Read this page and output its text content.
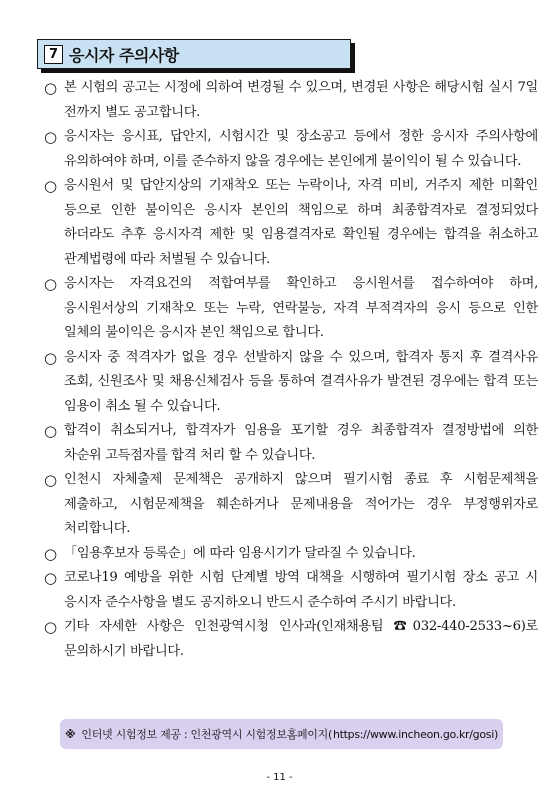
7 응시자 주의사항
○ 본 시험의 공고는 시정에 의하여 변경될 수 있으며, 변경된 사항은 해당시험 실시 7일 전까지 별도 공고합니다.
○ 응시자는 응시표, 답안지, 시험시간 및 장소공고 등에서 정한 응시자 주의사항에 유의하여야 하며, 이를 준수하지 않을 경우에는 본인에게 불이익이 될 수 있습니다.
○ 응시원서 및 답안지상의 기재착오 또는 누락이나, 자격 미비, 거주지 제한 미확인 등으로 인한 불이익은 응시자 본인의 책임으로 하며 최종합격자로 결정되었다 하더라도 추후 응시자격 제한 및 임용결격자로 확인될 경우에는 합격을 취소하고 관계법령에 따라 처벌될 수 있습니다.
○ 응시자는 자격요건의 적합여부를 확인하고 응시원서를 접수하여야 하며, 응시원서상의 기재착오 또는 누락, 연락불능, 자격 부적격자의 응시 등으로 인한 일체의 불이익은 응시자 본인 책임으로 합니다.
○ 응시자 중 적격자가 없을 경우 선발하지 않을 수 있으며, 합격자 통지 후 결격사유 조회, 신원조사 및 채용신체검사 등을 통하여 결격사유가 발견된 경우에는 합격 또는 임용이 취소 될 수 있습니다.
○ 합격이 취소되거나, 합격자가 임용을 포기할 경우 최종합격자 결정방법에 의한 차순위 고득점자를 합격 처리 할 수 있습니다.
○ 인천시 자체출제 문제책은 공개하지 않으며 필기시험 종료 후 시험문제책을 제출하고, 시험문제책을 훼손하거나 문제내용을 적어가는 경우 부정행위자로 처리합니다.
○ 「임용후보자 등록순」에 따라 임용시기가 달라질 수 있습니다.
○ 코로나19 예방을 위한 시험 단계별 방역 대책을 시행하여 필기시험 장소 공고 시 응시자 준수사항을 별도 공지하오니 반드시 준수하여 주시기 바랍니다.
○ 기타 자세한 사항은 인천광역시청 인사과(인재채용팀 ☎032-440-2533~6)로 문의하시기 바랍니다.
※ 인터넷 시험정보 제공 : 인천광역시 시험정보홈페이지( https://www.incheon.go.kr/gosi )
- 11 -
